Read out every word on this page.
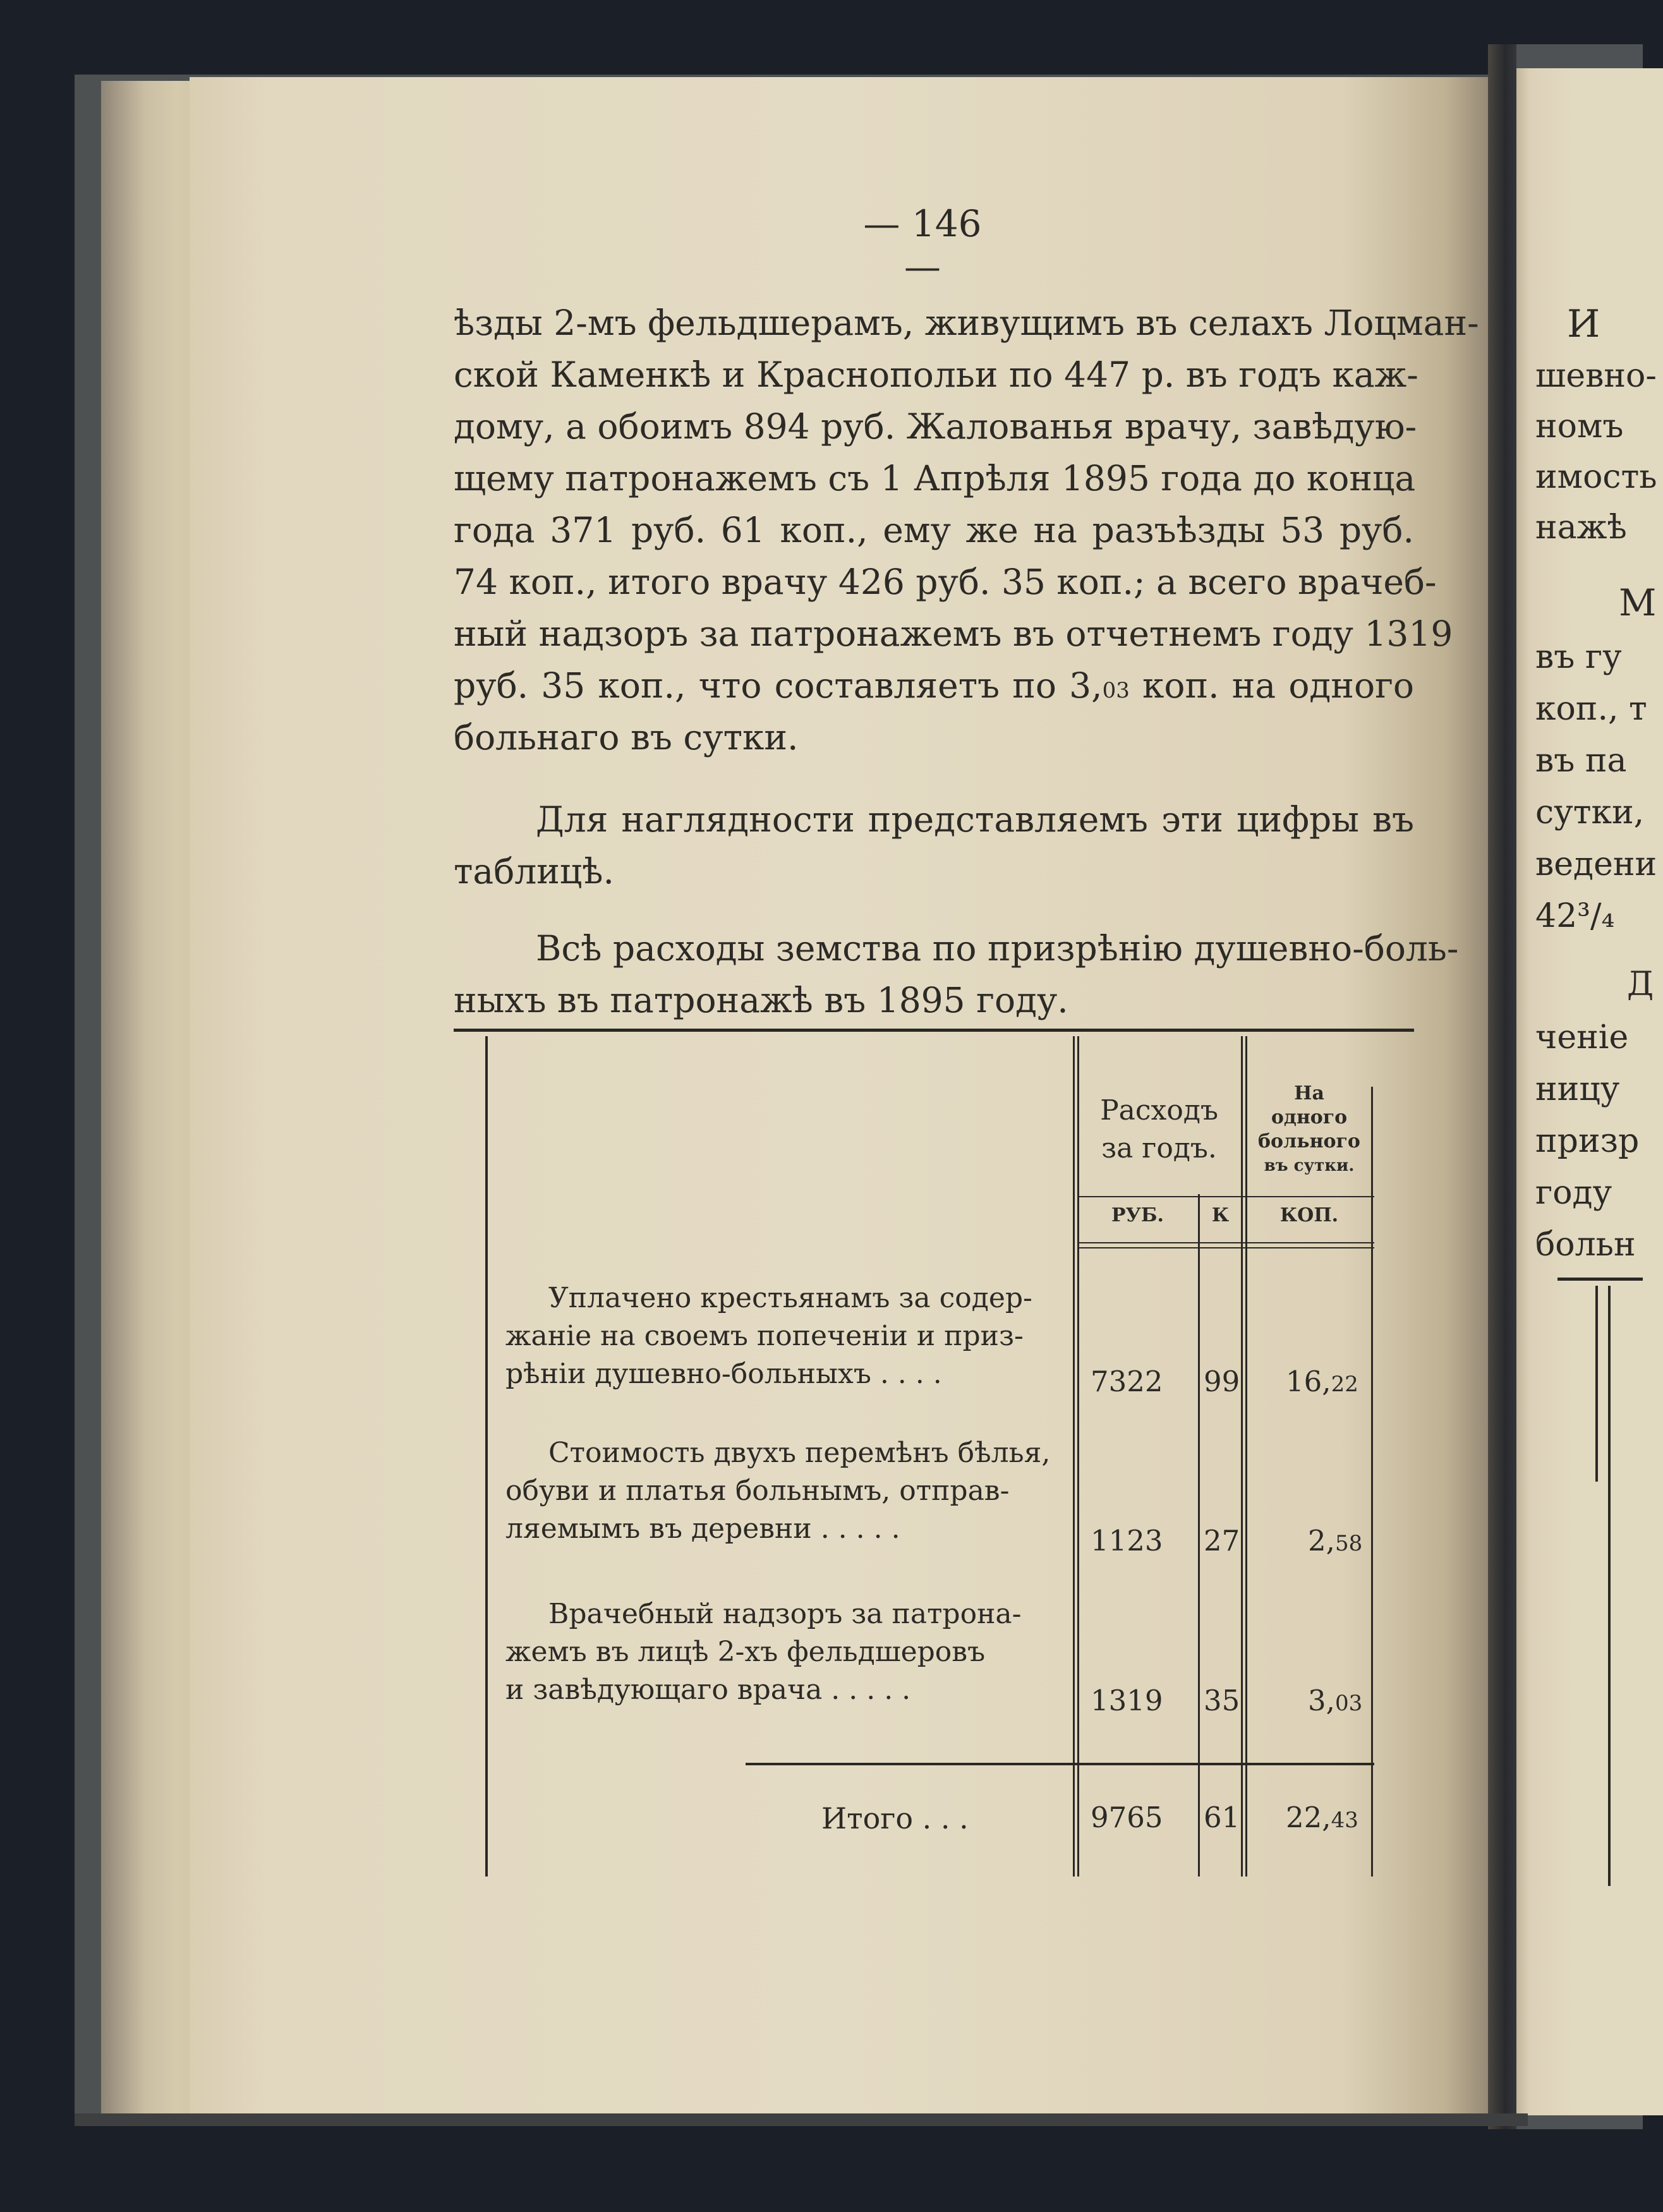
— 146 —
ѣзды 2-мъ фельдшерамъ, живущимъ въ селахъ Лоцман-
ской Каменкѣ и Краснопольи по 447 р. въ годъ каж-
дому, а обоимъ 894 руб. Жалованья врачу, завѣдую-
щему патронажемъ съ 1 Апрѣля 1895 года до конца
года 371 руб. 61 коп., ему же на разъѣзды 53 руб.
74 коп., итого врачу 426 руб. 35 коп.; а всего врачеб-
ный надзоръ за патронажемъ въ отчетнемъ году 1319
руб. 35 коп., что составляетъ по 3,03 коп. на одного
больнаго въ сутки.
Для наглядности представляемъ эти цифры въ
таблицѣ.
Всѣ расходы земства по призрѣнію душевно-боль-
ныхъ въ патронажѣ въ 1895 году.
Расходъ
за годъ.
На
одного
больного
въ сутки.
РУБ.	К	КОП.
Уплачено крестьянамъ за содер-
жаніе на своемъ попеченіи и приз-
рѣніи душевно-больныхъ . . . .	7322 99 16,22
Стоимость двухъ перемѣнъ бѣлья,
обуви и платья больнымъ, отправ-
ляемымъ въ деревни . . . . .	1123 27 2,58
Врачебный надзоръ за патрона-
жемъ въ лицѣ 2-хъ фельдшеровъ
и завѣдующаго врача . . . . .	1319 35 3,03
Итого . . .	9765 61 22,43
И
шевно-
номъ
имость
нажѣ
М
въ гу
коп., т
въ па
сутки,
ведени
42³/₄
Д
ченіе
ницу
призр
году
больн
